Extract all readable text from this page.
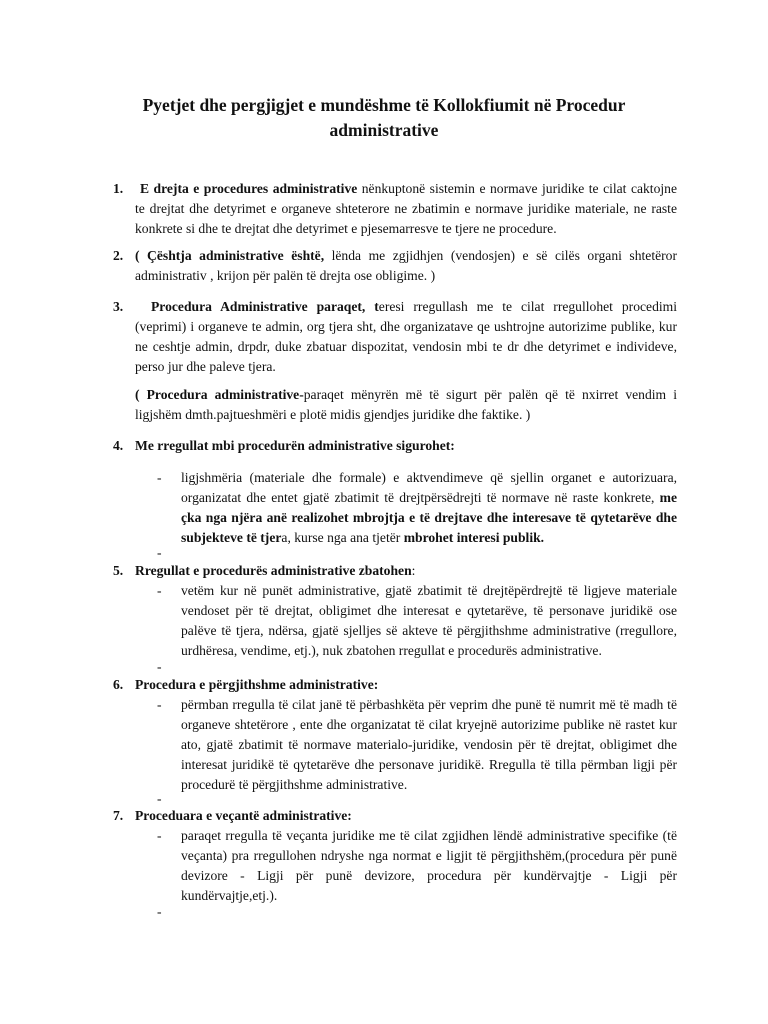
Pyetjet dhe pergjigjet e mundëshme të Kollokfiumit në Procedur
administrative
1.	E drejta e procedures administrative nënkuptonë sistemin e normave juridike te cilat caktojne te drejtat dhe detyrimet e organeve shteterore ne zbatimin e normave juridike materiale, ne raste konkrete si dhe te drejtat dhe detyrimet e pjesemarresve te tjere ne procedure.
2. ( Çështja administrative është, lënda me zgjidhjen (vendosjen) e së cilës organi shtetëror administrativ , krijon për palën të drejta ose obligime. )
3.	Procedura Administrative paraqet, teresi rregullash me te cilat rregullohet procedimi (veprimi) i organeve te admin, org tjera sht, dhe organizatave qe ushtrojne autorizime publike, kur ne ceshtje admin, drpdr, duke zbatuar dispozitat, vendosin mbi te dr dhe detyrimet e individeve, perso jur dhe paleve tjera.
( Procedura administrative-paraqet mënyrën më të sigurt për palën që të nxirret vendim i ligjshëm dmth.pajtueshmëri e plotë midis gjendjes juridike dhe faktike. )
4. Me rregullat mbi procedurën administrative sigurohet:
- ligjshmëria (materiale dhe formale) e aktvendimeve që sjellin organet e autorizuara, organizatat dhe entet gjatë zbatimit të drejtpërsëdrejti të normave në raste konkrete, me çka nga njëra anë realizohet mbrojtja e të drejtave dhe interesave të qytetarëve dhe subjekteve të tjera, kurse nga ana tjetër mbrohet interesi publik.
-
5. Rregullat e procedurës administrative zbatohen:
- vetëm kur në punët administrative, gjatë zbatimit të drejtëpërdrejtë të ligjeve materiale vendoset për të drejtat, obligimet dhe interesat e qytetarëve, të personave juridikë ose palëve të tjera, ndërsa, gjatë sjelljes së akteve të përgjithshme administrative (rregullore, urdhëresa, vendime, etj.), nuk zbatohen rregullat e procedurës administrative.
-
6. Procedura e përgjithshme administrative:
- përmban rregulla të cilat janë të përbashkëta për veprim dhe punë të numrit më të madh të organeve shtetërore , ente dhe organizatat të cilat kryejnë autorizime publike në rastet kur ato, gjatë zbatimit të normave materialo-juridike, vendosin për të drejtat, obligimet dhe interesat juridikë të qytetarëve dhe personave juridikë. Rregulla të tilla përmban ligji për procedurë të përgjithshme administrative.
-
7. Proceduara e veçantë administrative:
- paraqet rregulla të veçanta juridike me të cilat zgjidhen lëndë administrative specifike (të veçanta) pra rregullohen ndryshe nga normat e ligjit të përgjithshëm,(procedura për punë devizore - Ligji për punë devizore, procedura për kundërvajtje - Ligji për kundërvajtje,etj.).
-
